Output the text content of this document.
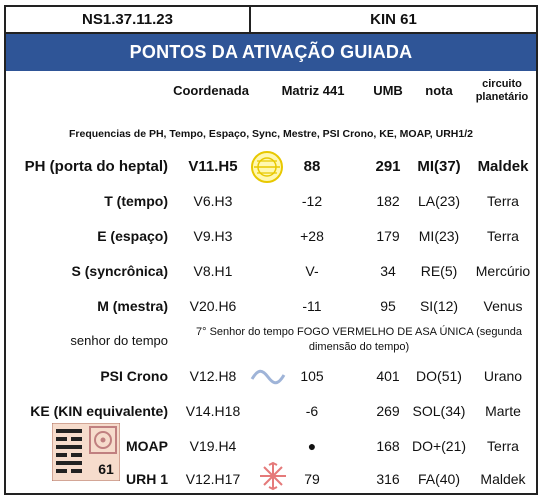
NS1.37.11.23	KIN 61
PONTOS DA ATIVAÇÃO GUIADA
Coordenada	Matriz 441	UMB	nota	circuito
planetário
Frequencias de PH, Tempo, Espaço, Sync, Mestre, PSI Crono, KE, MOAP, URH1/2
PH (porta do heptal)	V11.H5	88	291	MI(37)	Maldek
T (tempo)	V6.H3	-12	182	LA(23)	Terra
E (espaço)	V9.H3	+28	179	MI(23)	Terra
S (syncrônica)	V8.H1	V-	34	RE(5)	Mercúrio
M (mestra)	V20.H6	-11	95	SI(12)	Venus
senhor do tempo
7° Senhor do tempo FOGO VERMELHO DE ASA ÚNICA (segunda dimensão do tempo)
PSI Crono	V12.H8	105	401	DO(51)	Urano
KE (KIN equivalente)	V14.H18	-6	269 SOL(34)	Marte
61
MOAP	V19.H4	●	168 DO+(21)	Terra
URH 1	V12.H17	79	316	FA(40)	Maldek
